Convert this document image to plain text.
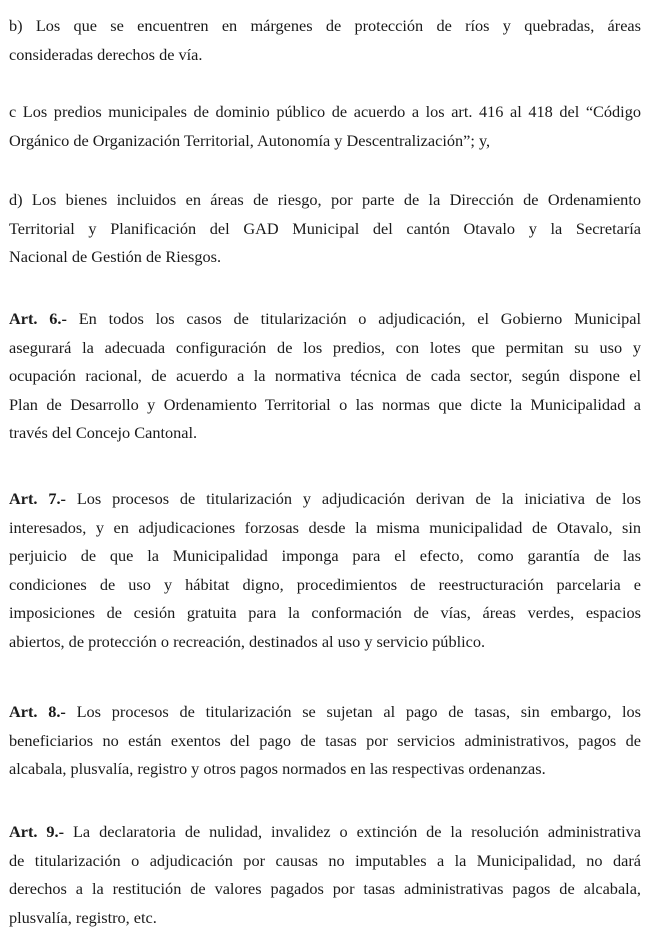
b) Los que se encuentren en márgenes de protección de ríos y quebradas, áreas
consideradas derechos de vía.
c Los predios municipales de dominio público de acuerdo a los art. 416 al 418 del “Código
Orgánico de Organización Territorial, Autonomía y Descentralización”; y,
d) Los bienes incluidos en áreas de riesgo, por parte de la Dirección de Ordenamiento
Territorial y Planificación del GAD Municipal del cantón Otavalo y la Secretaría
Nacional de Gestión de Riesgos.
Art. 6.- En todos los casos de titularización o adjudicación, el Gobierno Municipal
asegurará la adecuada configuración de los predios, con lotes que permitan su uso y
ocupación racional, de acuerdo a la normativa técnica de cada sector, según dispone el
Plan de Desarrollo y Ordenamiento Territorial o las normas que dicte la Municipalidad a
través del Concejo Cantonal.
Art. 7.- Los procesos de titularización y adjudicación derivan de la iniciativa de los
interesados, y en adjudicaciones forzosas desde la misma municipalidad de Otavalo, sin
perjuicio de que la Municipalidad imponga para el efecto, como garantía de las
condiciones de uso y hábitat digno, procedimientos de reestructuración parcelaria e
imposiciones de cesión gratuita para la conformación de vías, áreas verdes, espacios
abiertos, de protección o recreación, destinados al uso y servicio público.
Art. 8.- Los procesos de titularización se sujetan al pago de tasas, sin embargo, los
beneficiarios no están exentos del pago de tasas por servicios administrativos, pagos de
alcabala, plusvalía, registro y otros pagos normados en las respectivas ordenanzas.
Art. 9.- La declaratoria de nulidad, invalidez o extinción de la resolución administrativa
de titularización o adjudicación por causas no imputables a la Municipalidad, no dará
derechos a la restitución de valores pagados por tasas administrativas pagos de alcabala,
plusvalía, registro, etc.
